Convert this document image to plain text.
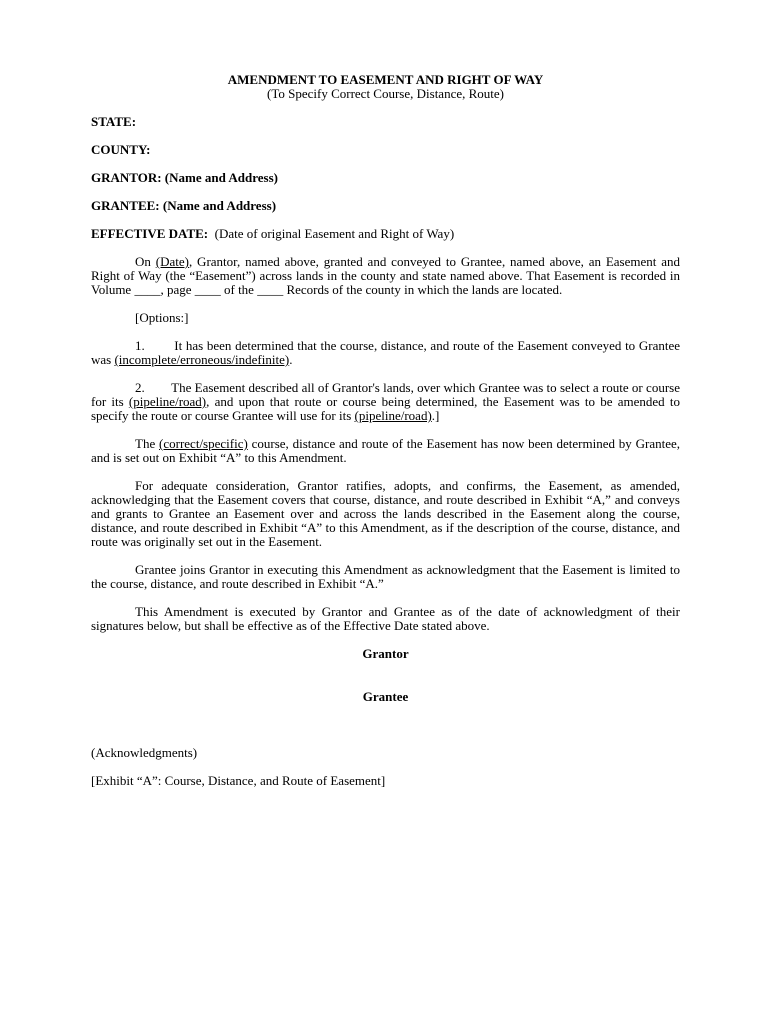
AMENDMENT TO EASEMENT AND RIGHT OF WAY

(To Specify Correct Course, Distance, Route)

STATE:
COUNTY:
GRANTOR: (Name and Address)
GRANTEE: (Name and Address)
EFFECTIVE DATE: (Date of original Easement and Right of Way)

On (Date), Grantor, named above, granted and conveyed to Grantee, named above, an Easement and Right of Way (the “Easement”) across lands in the county and state named above. That Easement is recorded in Volume ____, page ____ of the ____ Records of the county in which the lands are located.

[Options:]

1. It has been determined that the course, distance, and route of the Easement conveyed to Grantee was (incomplete/erroneous/indefinite).

2. The Easement described all of Grantor's lands, over which Grantee was to select a route or course for its (pipeline/road), and upon that route or course being determined, the Easement was to be amended to specify the route or course Grantee will use for its (pipeline/road).]

The (correct/specific) course, distance and route of the Easement has now been determined by Grantee, and is set out on Exhibit “A” to this Amendment.

For adequate consideration, Grantor ratifies, adopts, and confirms, the Easement, as amended, acknowledging that the Easement covers that course, distance, and route described in Exhibit “A,” and conveys and grants to Grantee an Easement over and across the lands described in the Easement along the course, distance, and route described in Exhibit “A” to this Amendment, as if the description of the course, distance, and route was originally set out in the Easement.

Grantee joins Grantor in executing this Amendment as acknowledgment that the Easement is limited to the course, distance, and route described in Exhibit “A.”

This Amendment is executed by Grantor and Grantee as of the date of acknowledgment of their signatures below, but shall be effective as of the Effective Date stated above.

Grantor

Grantee

(Acknowledgments)

[Exhibit “A”: Course, Distance, and Route of Easement]
